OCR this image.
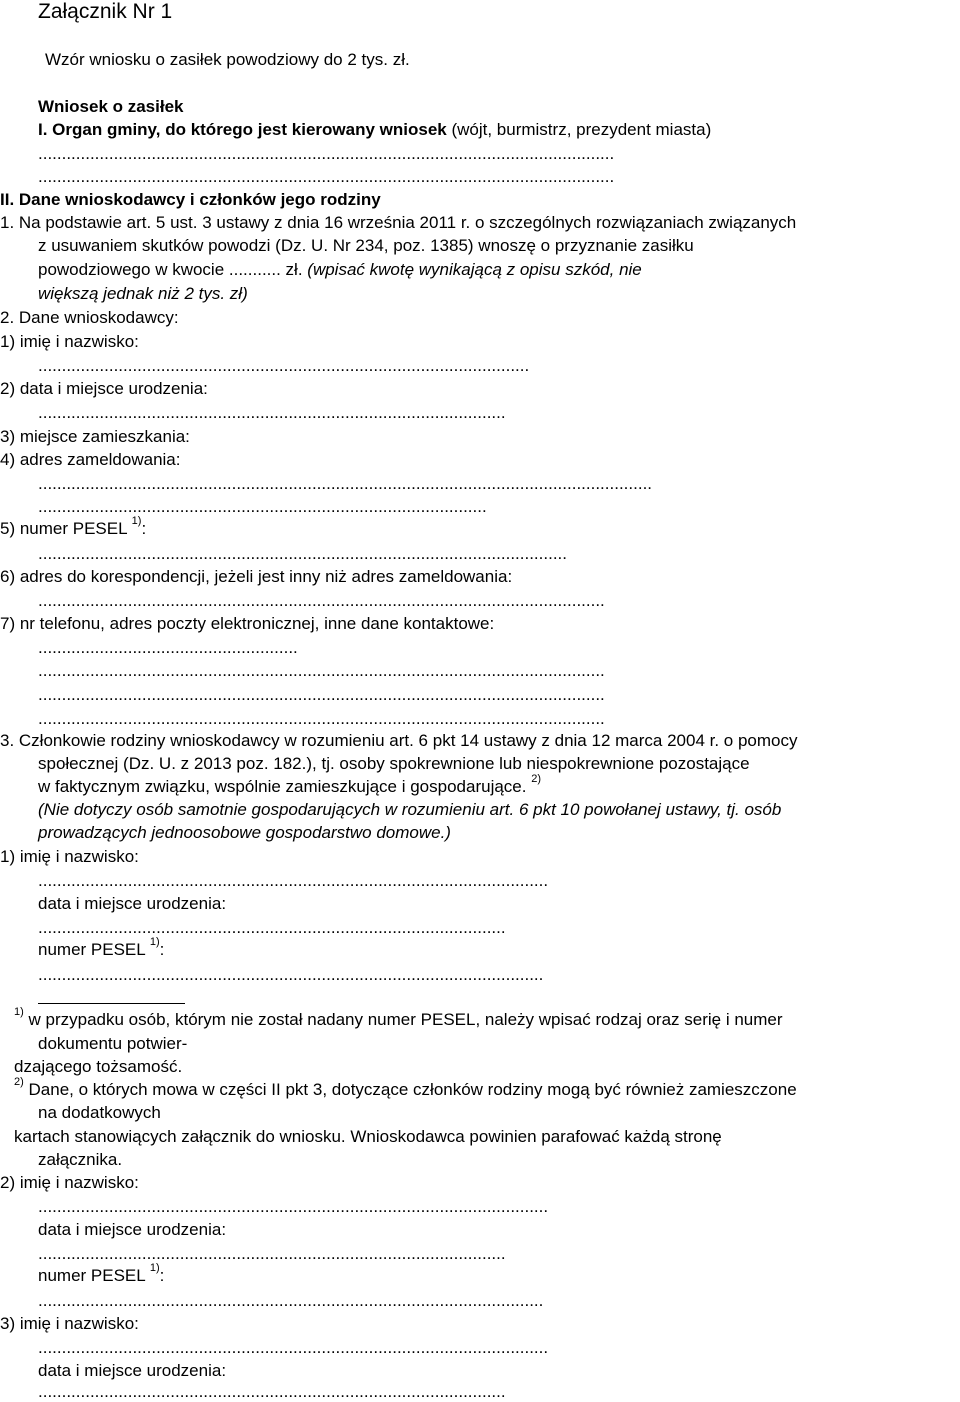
Załącznik Nr 1
Wzór wniosku o zasiłek powodziowy do 2 tys. zł.
Wniosek o zasiłek
I. Organ gminy, do którego jest kierowany wniosek (wójt, burmistrz, prezydent miasta)
..........................................................................................................................
..........................................................................................................................
II. Dane wnioskodawcy i członków jego rodziny
1. Na podstawie art. 5 ust. 3 ustawy z dnia 16 września 2011 r. o szczególnych rozwiązaniach związanych
z usuwaniem skutków powodzi (Dz. U. Nr 234, poz. 1385) wnoszę o przyznanie zasiłku
powodziowego w kwocie ........... zł. (wpisać kwotę wynikającą z opisu szkód, nie
większą jednak niż 2 tys. zł)
2. Dane wnioskodawcy:
1) imię i nazwisko:
........................................................................................................
2) data i miejsce urodzenia:
...................................................................................................
3) miejsce zamieszkania:
4) adres zameldowania:
..................................................................................................................................
...............................................................................................
5) numer PESEL $^{1)}$:
................................................................................................................
6) adres do korespondencji, jeżeli jest inny niż adres zameldowania:
........................................................................................................................
7) nr telefonu, adres poczty elektronicznej, inne dane kontaktowe:
.......................................................
........................................................................................................................
........................................................................................................................
........................................................................................................................
3. Członkowie rodziny wnioskodawcy w rozumieniu art. 6 pkt 14 ustawy z dnia 12 marca 2004 r. o pomocy
społecznej (Dz. U. z 2013 poz. 182.), tj. osoby spokrewnione lub niespokrewnione pozostające
w faktycznym związku, wspólnie zamieszkujące i gospodarujące. $^{2)}$
(Nie dotyczy osób samotnie gospodarujących w rozumieniu art. 6 pkt 10 powołanej ustawy, tj. osób
prowadzących jednoosobowe gospodarstwo domowe.)
1) imię i nazwisko:
............................................................................................................
data i miejsce urodzenia:
...................................................................................................
numer PESEL $^{1)}$:
...........................................................................................................
$^{1)}$ w przypadku osób, którym nie został nadany numer PESEL, należy wpisać rodzaj oraz serię i numer
dokumentu potwier-
dzającego tożsamość.
$^{2)}$ Dane, o których mowa w części II pkt 3, dotyczące członków rodziny mogą być również zamieszczone
na dodatkowych
kartach stanowiących załącznik do wniosku. Wnioskodawca powinien parafować każdą stronę
załącznika.
2) imię i nazwisko:
............................................................................................................
data i miejsce urodzenia:
...................................................................................................
numer PESEL $^{1)}$:
...........................................................................................................
3) imię i nazwisko:
............................................................................................................
data i miejsce urodzenia:
...................................................................................................
